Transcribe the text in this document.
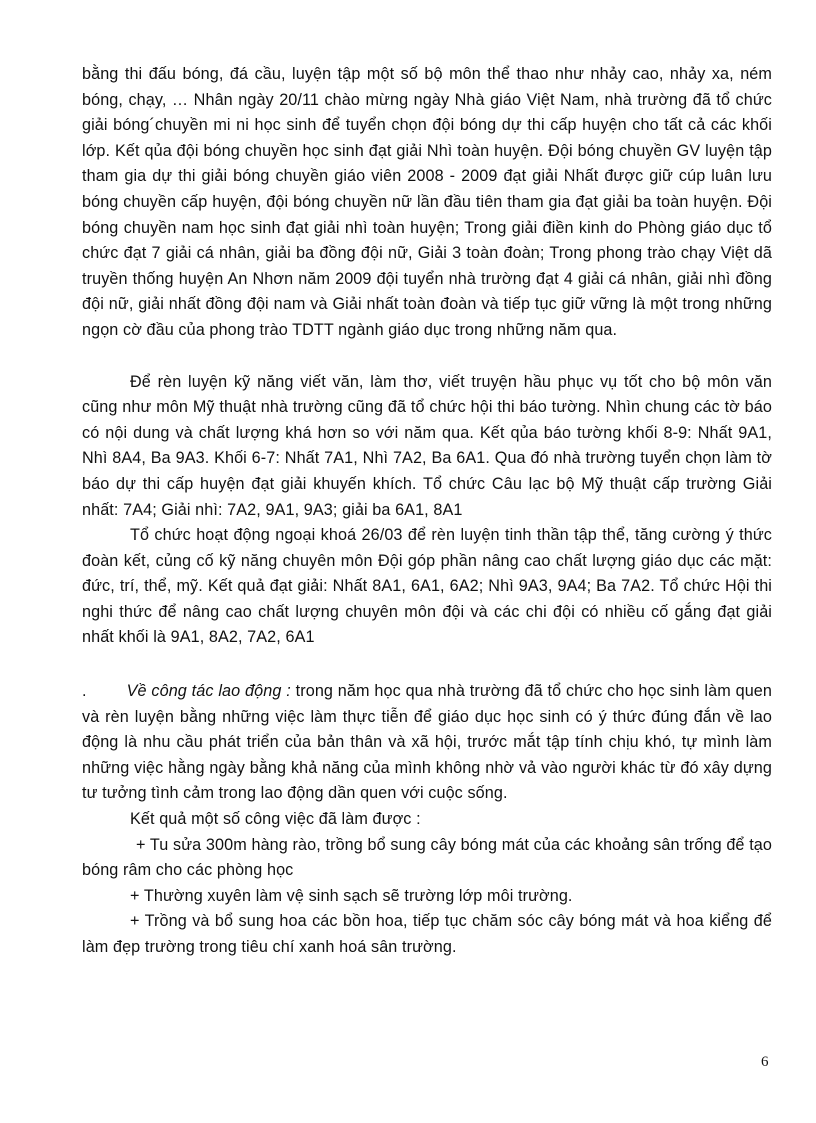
bằng thi đấu bóng, đá cầu, luyện tập một số bộ môn thể thao như nhảy cao, nhảy xa, ném bóng, chạy, … Nhân ngày 20/11 chào mừng ngày Nhà giáo Việt Nam, nhà trường đã tổ chức giải bóng´chuyền mi ni học sinh để tuyển chọn đội bóng dự thi cấp huyện cho tất cả các khối lớp. Kết qủa đội bóng chuyền học sinh đạt giải Nhì toàn huyện. Đội bóng chuyền GV luyện tập tham gia dự thi giải bóng chuyền giáo viên 2008 - 2009 đạt giải Nhất được giữ cúp luân lưu bóng chuyền cấp huyện, đội bóng chuyền nữ lần đầu tiên tham gia đạt giải ba toàn huyện. Đội bóng chuyền nam học sinh đạt giải nhì toàn huyện; Trong giải điền kinh do Phòng giáo dục tổ chức đạt 7 giải cá nhân, giải ba đồng đội nữ, Giải 3 toàn đoàn; Trong phong trào chạy Việt dã truyền thống huyện An Nhơn năm 2009 đội tuyển nhà trường đạt 4 giải cá nhân, giải nhì đồng đội nữ, giải nhất đồng đội nam và Giải nhất toàn đoàn và tiếp tục giữ vững là một trong những ngọn cờ đầu của phong trào TDTT ngành giáo dục trong những năm qua.

Để rèn luyện kỹ năng viết văn, làm thơ, viết truyện hầu phục vụ tốt cho bộ môn văn cũng như môn Mỹ thuật nhà trường cũng đã tổ chức hội thi báo tường. Nhìn chung các tờ báo có nội dung và chất lượng khá hơn so với năm qua. Kết qủa báo tường khối 8-9: Nhất 9A1, Nhì 8A4, Ba 9A3. Khối 6-7: Nhất 7A1, Nhì 7A2, Ba 6A1. Qua đó nhà trường tuyển chọn làm tờ báo dự thi cấp huyện đạt giải khuyến khích. Tổ chức Câu lạc bộ Mỹ thuật cấp trường Giải nhất: 7A4; Giải nhì: 7A2, 9A1, 9A3; giải ba 6A1, 8A1

Tổ chức hoạt động ngoại khoá 26/03 để rèn luyện tinh thần tập thể, tăng cường ý thức đoàn kết, củng cố kỹ năng chuyên môn Đội góp phần nâng cao chất lượng giáo dục các mặt: đức, trí, thể, mỹ. Kết quả đạt giải: Nhất 8A1, 6A1, 6A2; Nhì 9A3, 9A4; Ba 7A2. Tổ chức Hội thi nghi thức để nâng cao chất lượng chuyên môn đội và các chi đội có nhiều cố gắng đạt giải nhất khối là 9A1, 8A2, 7A2, 6A1

. Về công tác lao động : trong năm học qua nhà trường đã tổ chức cho học sinh làm quen và rèn luyện bằng những việc làm thực tiễn để giáo dục học sinh có ý thức đúng đắn về lao động là nhu cầu phát triển của bản thân và xã hội, trước mắt tập tính chịu khó, tự mình làm những việc hằng ngày bằng khả năng của mình không nhờ vả vào người khác từ đó xây dựng tư tưởng tình cảm trong lao động dần quen với cuộc sống.

Kết quả một số công việc đã làm được :

+ Tu sửa 300m hàng rào, trồng bổ sung cây bóng mát của các khoảng sân trống để tạo bóng râm cho các phòng học

+ Thường xuyên làm vệ sinh sạch sẽ trường lớp môi trường.

+ Trồng và bổ sung hoa các bồn hoa, tiếp tục chăm sóc cây bóng mát và hoa kiểng để làm đẹp trường trong tiêu chí xanh hoá sân trường.

6
